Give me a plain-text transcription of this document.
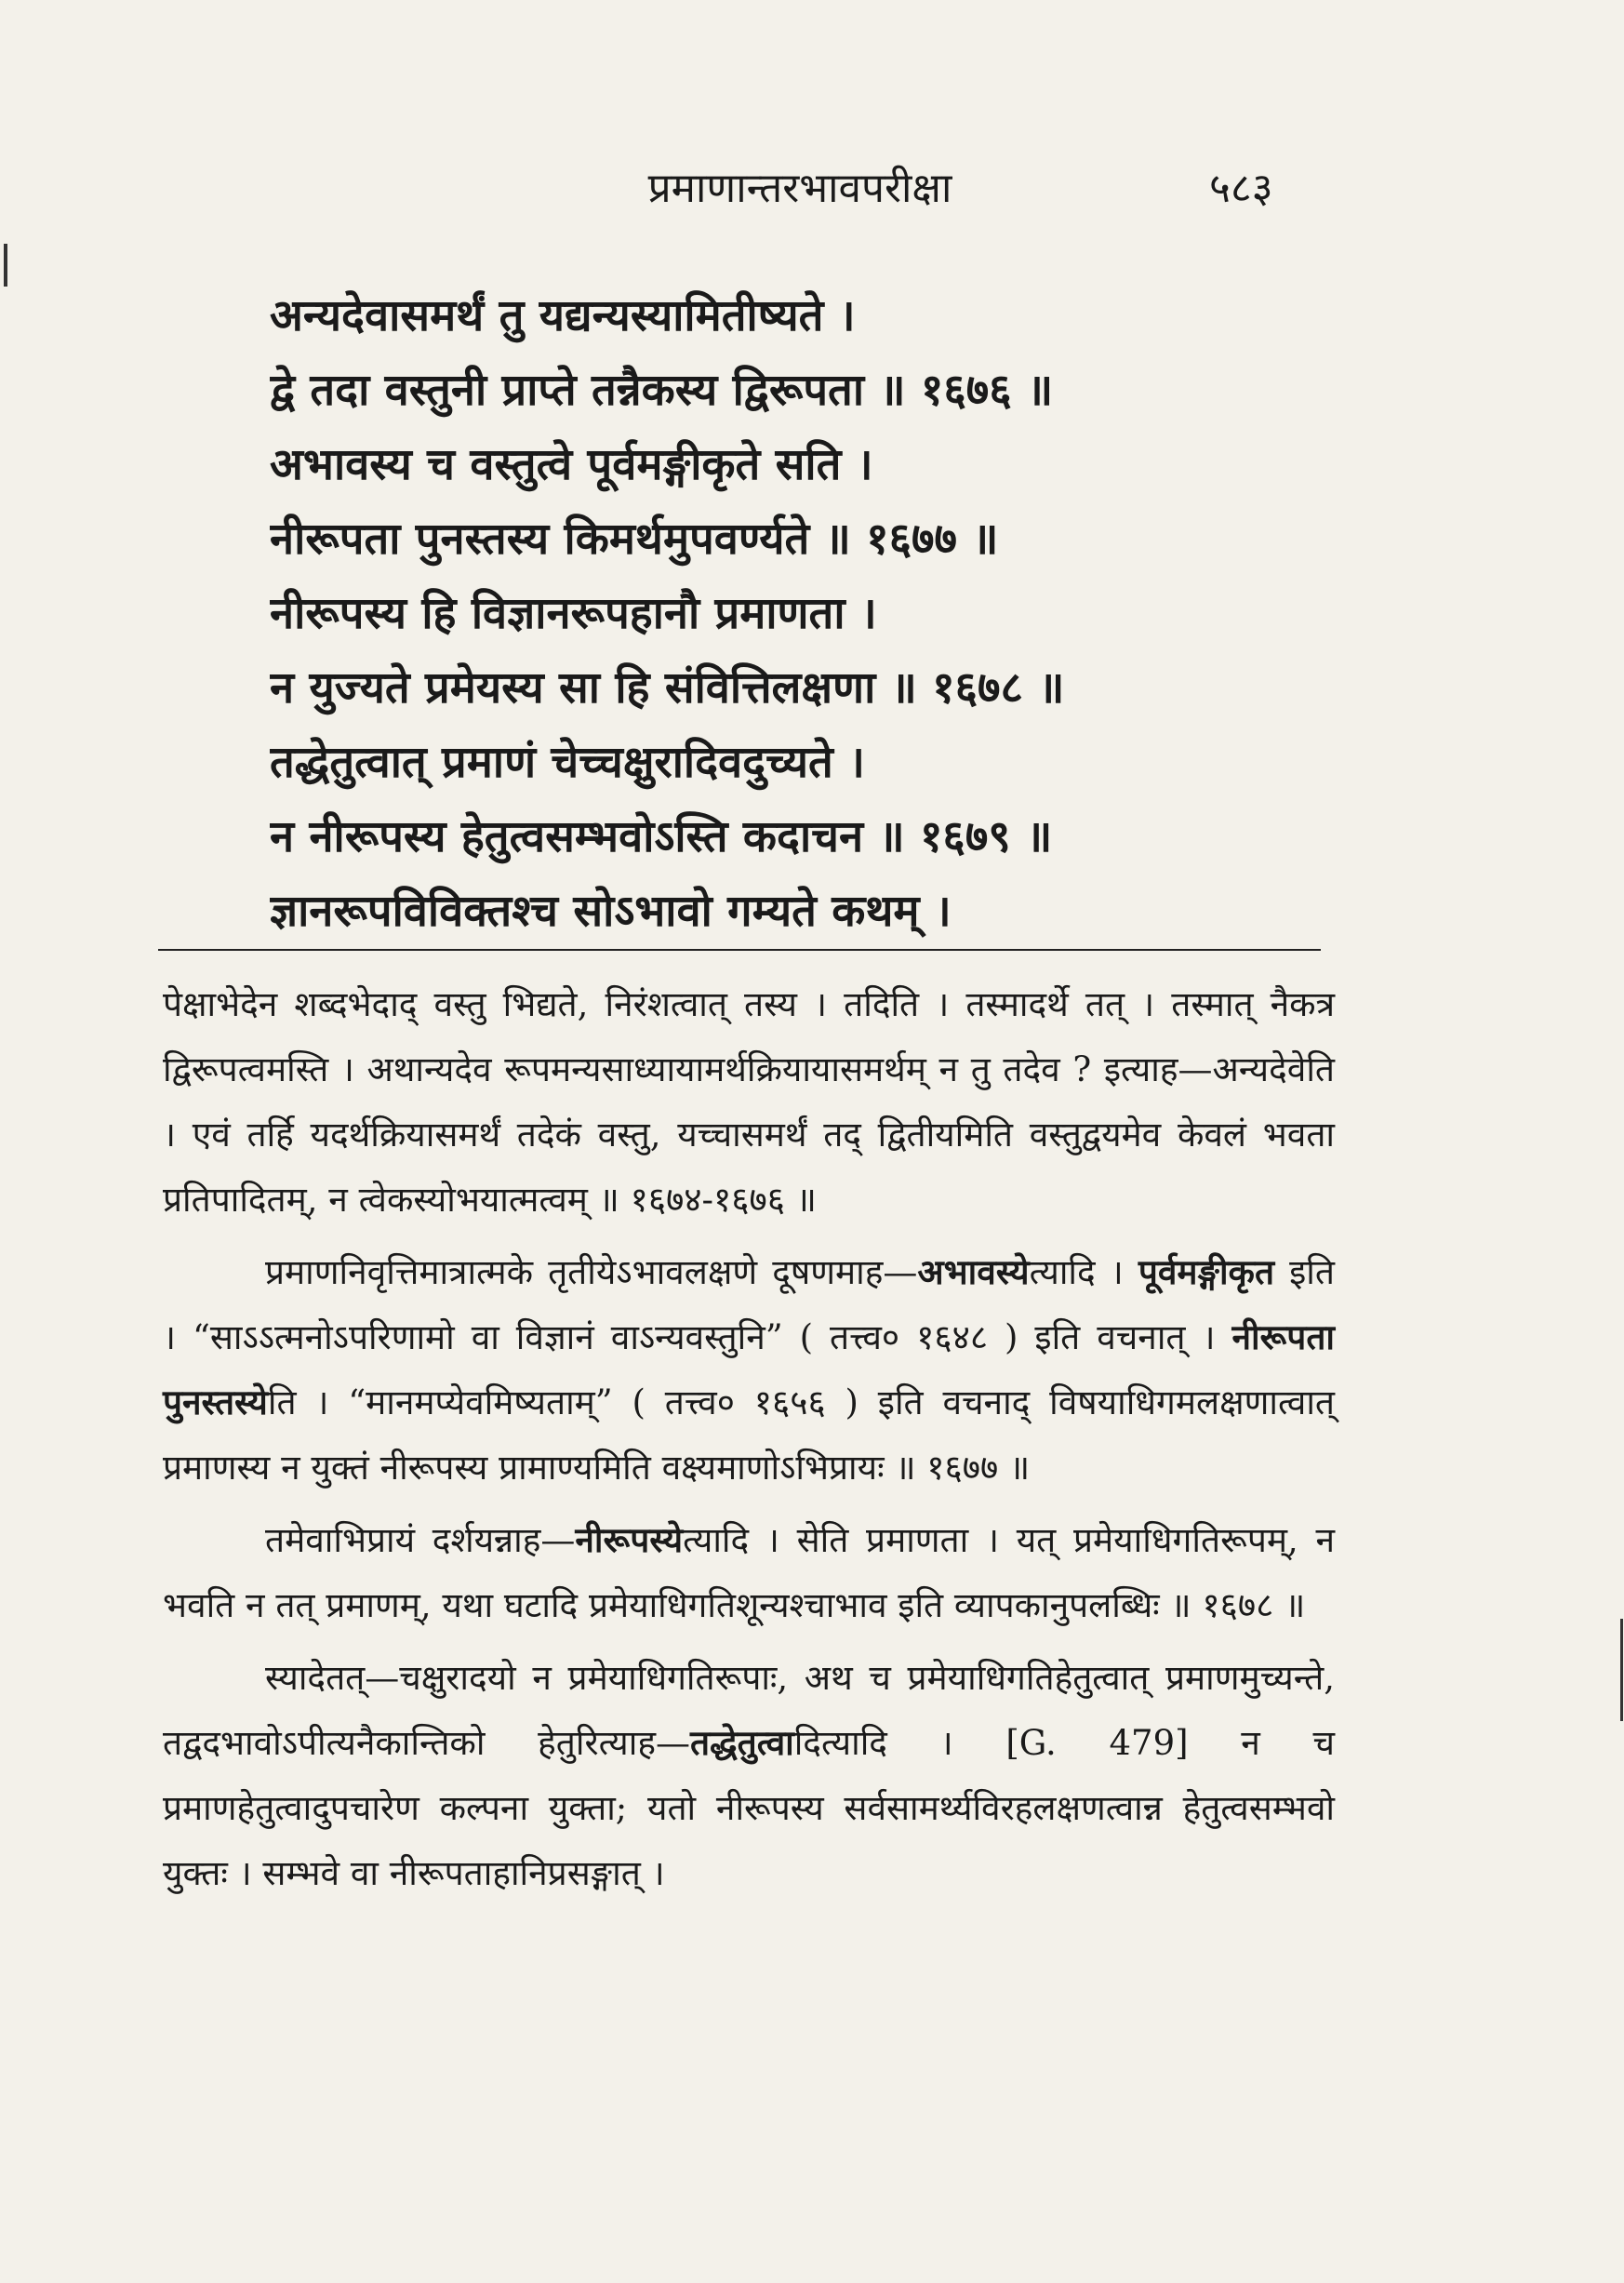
प्रमाणान्तरभावपरीक्षा	५८३
अन्यदेवासमर्थं तु यद्यन्यस्यामितीष्यते ।
द्वे तदा वस्तुनी प्राप्ते तन्नैकस्य द्विरूपता ॥ १६७६ ॥
अभावस्य च वस्तुत्वे पूर्वमङ्गीकृते सति ।
नीरूपता पुनस्तस्य किमर्थमुपवर्ण्यते ॥ १६७७ ॥
नीरूपस्य हि विज्ञानरूपहानौ प्रमाणता ।
न युज्यते प्रमेयस्य सा हि संवित्तिलक्षणा ॥ १६७८ ॥
तद्धेतुत्वात् प्रमाणं चेच्चक्षुरादिवदुच्यते ।
न नीरूपस्य हेतुत्वसम्भवोऽस्ति कदाचन ॥ १६७९ ॥
ज्ञानरूपविविक्तश्च सोऽभावो गम्यते कथम् ।

पेक्षाभेदेन शब्दभेदाद् वस्तु भिद्यते, निरंशत्वात् तस्य । तदिति । तस्मादर्थे तत् । तस्मात् नैकत्र द्विरूपत्वमस्ति । अथान्यदेव रूपमन्यसाध्यायामर्थक्रियायासमर्थम् न तु तदेव ? इत्याह—अन्यदेवेति । एवं तर्हि यदर्थक्रियासमर्थं तदेकं वस्तु, यच्चासमर्थं तद् द्वितीयमिति वस्तुद्वयमेव केवलं भवता प्रतिपादितम्, न त्वेकस्योभयात्मत्वम् ॥ १६७४-१६७६ ॥

प्रमाणनिवृत्तिमात्रात्मके तृतीयेऽभावलक्षणे दूषणमाह—अभावस्येत्यादि । पूर्वमङ्गीकृत इति । “साऽऽत्मनोऽपरिणामो वा विज्ञानं वाऽन्यवस्तुनि” ( तत्त्व० १६४८ ) इति वचनात् । नीरूपता पुनस्तस्येति । “मानमप्येवमिष्यताम्” ( तत्त्व० १६५६ ) इति वचनाद् विषयाधिगमलक्षणात्वात् प्रमाणस्य न युक्तं नीरूपस्य प्रामाण्यमिति वक्ष्यमाणोऽभिप्रायः ॥ १६७७ ॥

तमेवाभिप्रायं दर्शयन्नाह—नीरूपस्येत्यादि । सेति प्रमाणता । यत् प्रमेयाधिगतिरूपम्, न भवति न तत् प्रमाणम्, यथा घटादि प्रमेयाधिगतिशून्यश्चाभाव इति व्यापकानुपलब्धिः ॥ १६७८ ॥

स्यादेतत्—चक्षुरादयो न प्रमेयाधिगतिरूपाः, अथ च प्रमेयाधिगतिहेतुत्वात् प्रमाणमुच्यन्ते, तद्वदभावोऽपीत्यनैकान्तिको हेतुरित्याह—तद्धेतुत्वादित्यादि । [G. 479] न च प्रमाणहेतुत्वादुपचारेण कल्पना युक्ता; यतो नीरूपस्य सर्वसामर्थ्यविरहलक्षणत्वान्न हेतुत्वसम्भवो युक्तः । सम्भवे वा नीरूपताहानिप्रसङ्गात् ।
